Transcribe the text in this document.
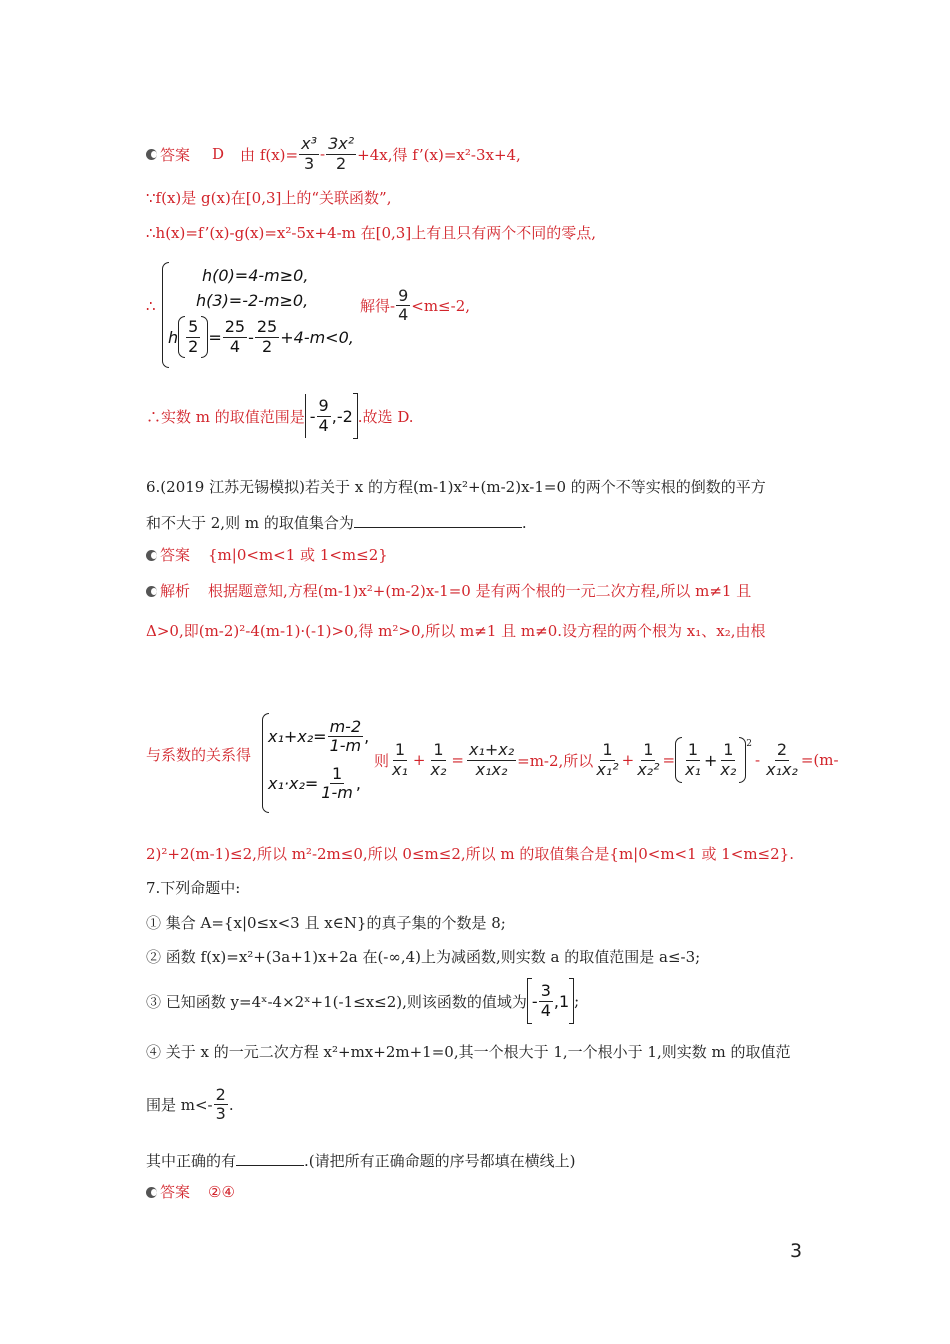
答案 D 由 $f(x)= \frac{\text{x³}}{3} - \frac{\text{3x²}}{2} +4x$,得 f’(x)=x²-3x+4,
∵f(x)是 g(x)在[0,3]上的“关联函数”,
∴h(x)=f’(x)-g(x)=x²-5x+4-m 在[0,3]上有且只有两个不同的零点,
∴
h(0)=4-m≥0,
h(3)=-2-m≥0,
h $\frac{5}{2} = \frac{25}{4} - \frac{25}{2} +4-m<0$,
解得- $\frac{9}{4} <m\le-2$,
∴实数 m 的取值范围是 - $\frac{9}{4} ,-2$ .故选 D.
6.(2019 江苏无锡模拟)若关于 x 的方程(m-1)x²+(m-2)x-1=0 的两个不等实根的倒数的平方
和不大于 2,则 m 的取值集合为	.
答案 {m|0<m<1 或 1<m≤2}
解析 根据题意知,方程(m-1)x²+(m-2)x-1=0 是有两个根的一元二次方程,所以 m≠1 且
Δ>0,即(m-2)²-4(m-1)·(-1)>0,得 m²>0,所以 m≠1 且 m≠0.设方程的两个根为 x₁、x₂,由根
与系数的关系得
$x_1+x_2= \frac{m-2}{1-m}$ ,
$x_1\cdot x_2= \frac{1}{1-m}$ ,
则 $\frac{1}{\text{x₁}} + \frac{1}{\text{x₂}} = \frac{\text{x₁+x₂}}{\text{x₁x₂}} =m-2$,所以 $\frac{1}{\text{x₁²}} + \frac{1}{\text{x₂²}} = \frac{1}{\text{x₁}} + \frac{1}{\text{x₂}} ^2$
- $\frac{2}{\text{x₁x₂}} =(m-$
2)²+2(m-1)≤2,所以 m²-2m≤0,所以 0≤m≤2,所以 m 的取值集合是{m|0<m<1 或 1<m≤2}.
7.下列命题中:
① 集合 A={x|0≤x<3 且 x∈N}的真子集的个数是 8;
② 函数 f(x)=x²+(3a+1)x+2a 在(-∞,4)上为减函数,则实数 a 的取值范围是 a≤-3;
③ 已知函数 y=4ˣ-4×2ˣ+1(-1≤x≤2),则该函数的值域为 - $\frac{3}{4} ,1$ ;
④ 关于 x 的一元二次方程 x²+mx+2m+1=0,其一个根大于 1,一个根小于 1,则实数 m 的取值范
围是 $m<- \frac{2}{3}$ .
其中正确的有	.(请把所有正确命题的序号都填在横线上)
答案 ②④
3
